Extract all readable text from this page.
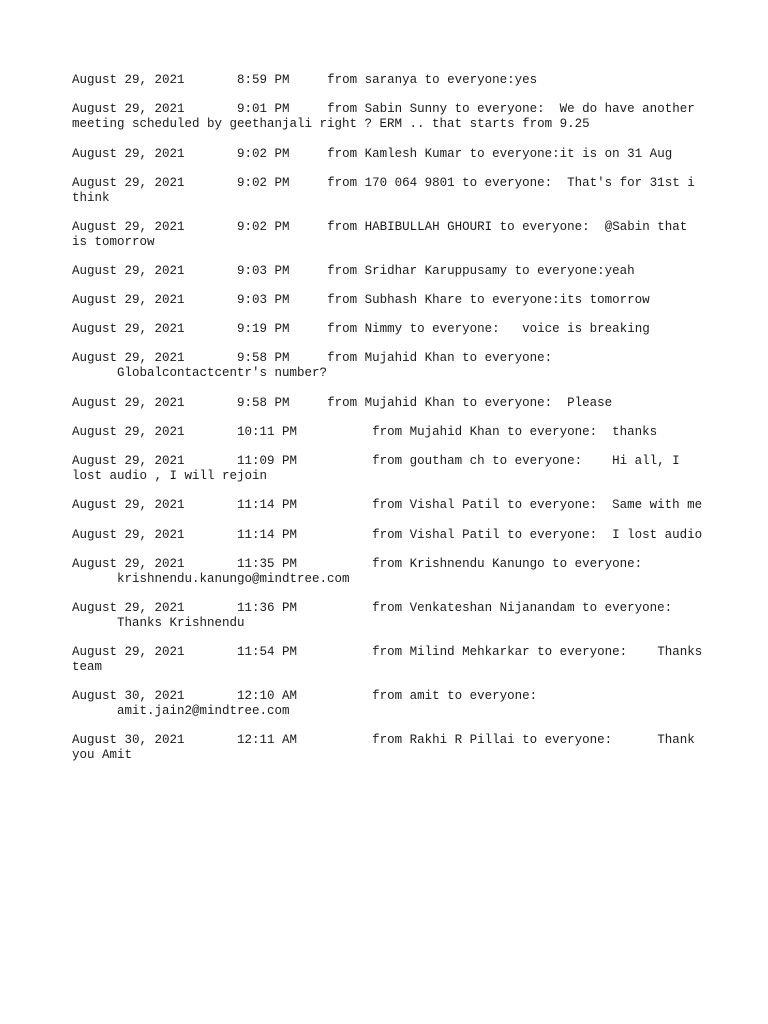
August 29, 2021	8:59 PM	from saranya to everyone:yes
August 29, 2021	9:01 PM	from Sabin Sunny to everyone: We do have another meeting scheduled by geethanjali right ? ERM .. that starts from 9.25
August 29, 2021	9:02 PM	from Kamlesh Kumar to everyone:it is on 31 Aug
August 29, 2021	9:02 PM	from 170 064 9801 to everyone: That's for 31st i think
August 29, 2021	9:02 PM	from HABIBULLAH GHOURI to everyone: @Sabin that is tomorrow
August 29, 2021	9:03 PM	from Sridhar Karuppusamy to everyone:yeah
August 29, 2021	9:03 PM	from Subhash Khare to everyone:its tomorrow
August 29, 2021	9:19 PM	from Nimmy to everyone: voice is breaking
August 29, 2021	9:58 PM	from Mujahid Khan to everyone:
Globalcontactcentr's number?
August 29, 2021	9:58 PM	from Mujahid Khan to everyone: Please
August 29, 2021	10:11 PM	from Mujahid Khan to everyone: thanks
August 29, 2021	11:09 PM	from goutham ch to everyone: Hi all, I lost audio , I will rejoin
August 29, 2021	11:14 PM	from Vishal Patil to everyone: Same with me
August 29, 2021	11:14 PM	from Vishal Patil to everyone: I lost audio
August 29, 2021	11:35 PM	from Krishnendu Kanungo to everyone:
krishnendu.kanungo@mindtree.com
August 29, 2021	11:36 PM	from Venkateshan Nijanandam to everyone:
Thanks Krishnendu
August 29, 2021	11:54 PM	from Milind Mehkarkar to everyone: Thanks team
August 30, 2021	12:10 AM	from amit to everyone:
amit.jain2@mindtree.com
August 30, 2021	12:11 AM	from Rakhi R Pillai to everyone:	Thank you Amit
